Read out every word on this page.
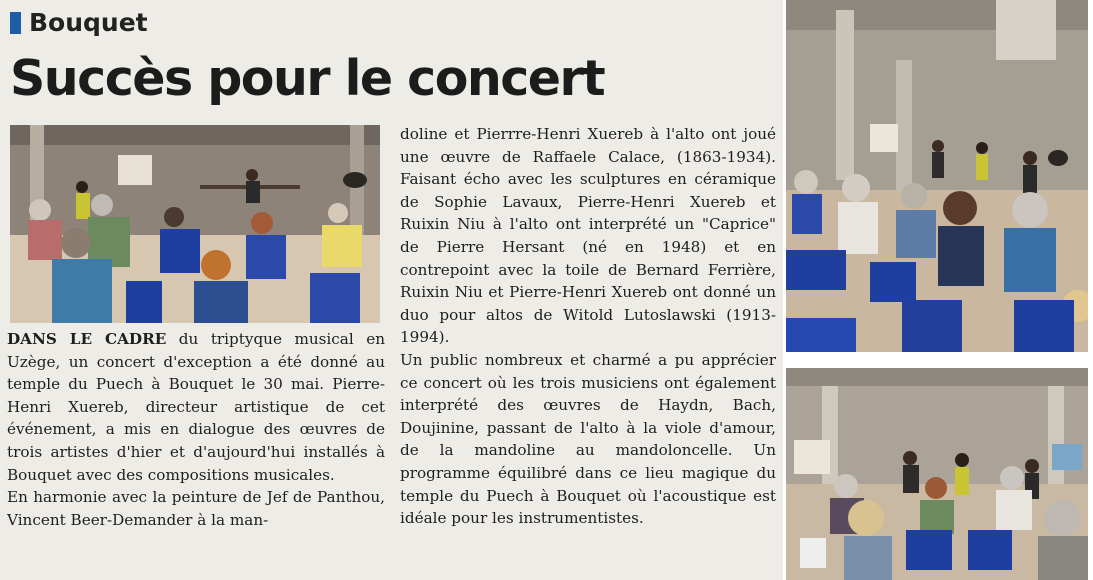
Bouquet
Succès pour le concert

DANS LE CADRE du triptyque musical en Uzège, un concert d'exception a été donné au temple du Puech à Bouquet le 30 mai. Pierre-Henri Xuereb, directeur artistique de cet événement, a mis en dialogue des œuvres de trois artistes d'hier et d'aujourd'hui installés à Bouquet avec des compositions musicales.

En harmonie avec la peinture de Jef de Panthou, Vincent Beer-Demander à la man-

doline et Pierrre-Henri Xuereb à l'alto ont joué une œuvre de Raffaele Calace, (1863-1934). Faisant écho avec les sculptures en céramique de Sophie Lavaux, Pierre-Henri Xuereb et Ruixin Niu à l'alto ont interprété un "Caprice" de Pierre Hersant (né en 1948) et en contrepoint avec la toile de Bernard Ferrière, Ruixin Niu et Pierre-Henri Xuereb ont donné un duo pour altos de Witold Lutoslawski (1913-1994).

Un public nombreux et charmé a pu apprécier ce concert où les trois musiciens ont également interprété des œuvres de Haydn, Bach, Doujinine, passant de l'alto à la viole d'amour, de la mandoline au mandoloncelle. Un programme équilibré dans ce lieu magique du temple du Puech à Bouquet où l'acoustique est idéale pour les instrumentistes.
